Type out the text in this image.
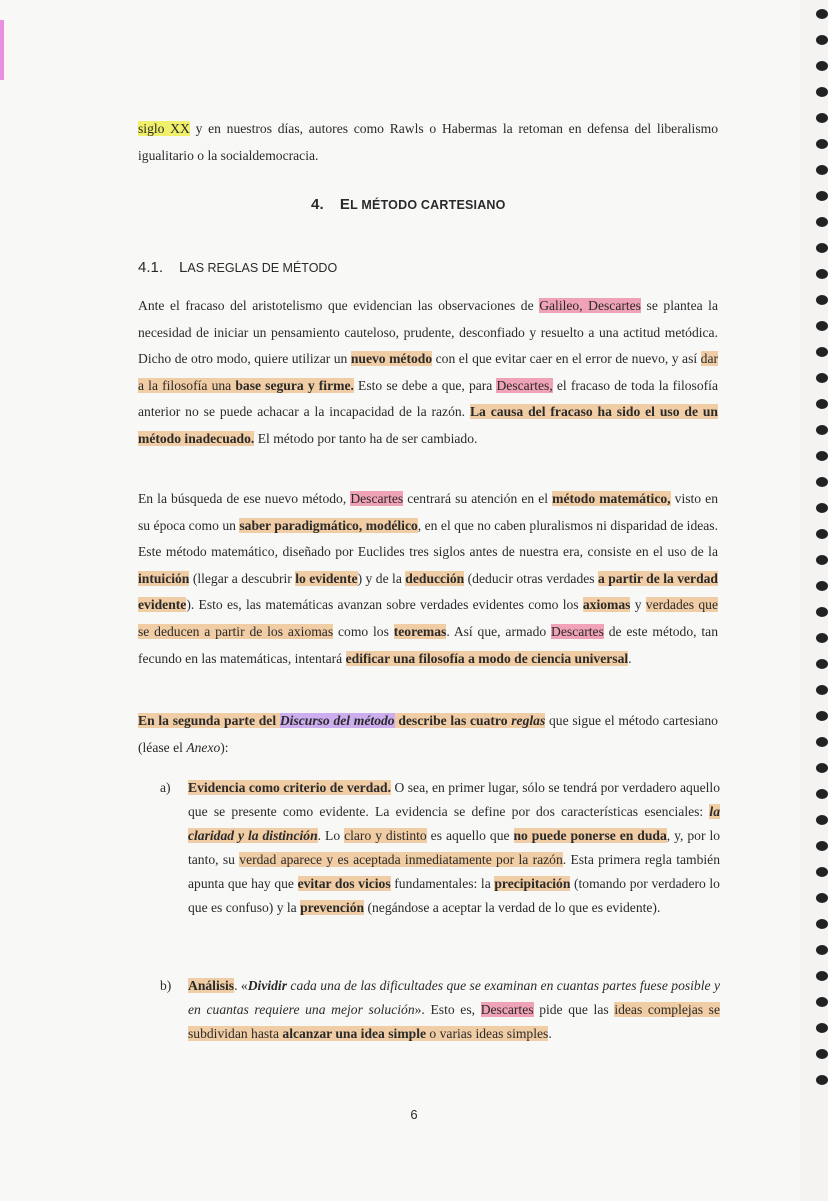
siglo XX y en nuestros días, autores como Rawls o Habermas la retoman en defensa del liberalismo igualitario o la socialdemocracia.

4. EL MÉTODO CARTESIANO
4.1. LAS REGLAS DE MÉTODO

Ante el fracaso del aristotelismo que evidencian las observaciones de Galileo, Descartes se plantea la necesidad de iniciar un pensamiento cauteloso, prudente, desconfiado y resuelto a una actitud metódica. Dicho de otro modo, quiere utilizar un nuevo método con el que evitar caer en el error de nuevo, y así dar a la filosofía una base segura y firme. Esto se debe a que, para Descartes, el fracaso de toda la filosofía anterior no se puede achacar a la incapacidad de la razón. La causa del fracaso ha sido el uso de un método inadecuado. El método por tanto ha de ser cambiado.

En la búsqueda de ese nuevo método, Descartes centrará su atención en el método matemático, visto en su época como un saber paradigmático, modélico, en el que no caben pluralismos ni disparidad de ideas. Este método matemático, diseñado por Euclides tres siglos antes de nuestra era, consiste en el uso de la intuición (llegar a descubrir lo evidente) y de la deducción (deducir otras verdades a partir de la verdad evidente). Esto es, las matemáticas avanzan sobre verdades evidentes como los axiomas y verdades que se deducen a partir de los axiomas como los teoremas. Así que, armado Descartes de este método, tan fecundo en las matemáticas, intentará edificar una filosofía a modo de ciencia universal.

En la segunda parte del Discurso del método describe las cuatro reglas que sigue el método cartesiano (léase el Anexo):

a) Evidencia como criterio de verdad. O sea, en primer lugar, sólo se tendrá por verdadero aquello que se presente como evidente. La evidencia se define por dos características esenciales: la claridad y la distinción. Lo claro y distinto es aquello que no puede ponerse en duda, y, por lo tanto, su verdad aparece y es aceptada inmediatamente por la razón. Esta primera regla también apunta que hay que evitar dos vicios fundamentales: la precipitación (tomando por verdadero lo que es confuso) y la prevención (negándose a aceptar la verdad de lo que es evidente).

b) Análisis. «Dividir cada una de las dificultades que se examinan en cuantas partes fuese posible y en cuantas requiere una mejor solución». Esto es, Descartes pide que las ideas complejas se subdividan hasta alcanzar una idea simple o varias ideas simples.

6
